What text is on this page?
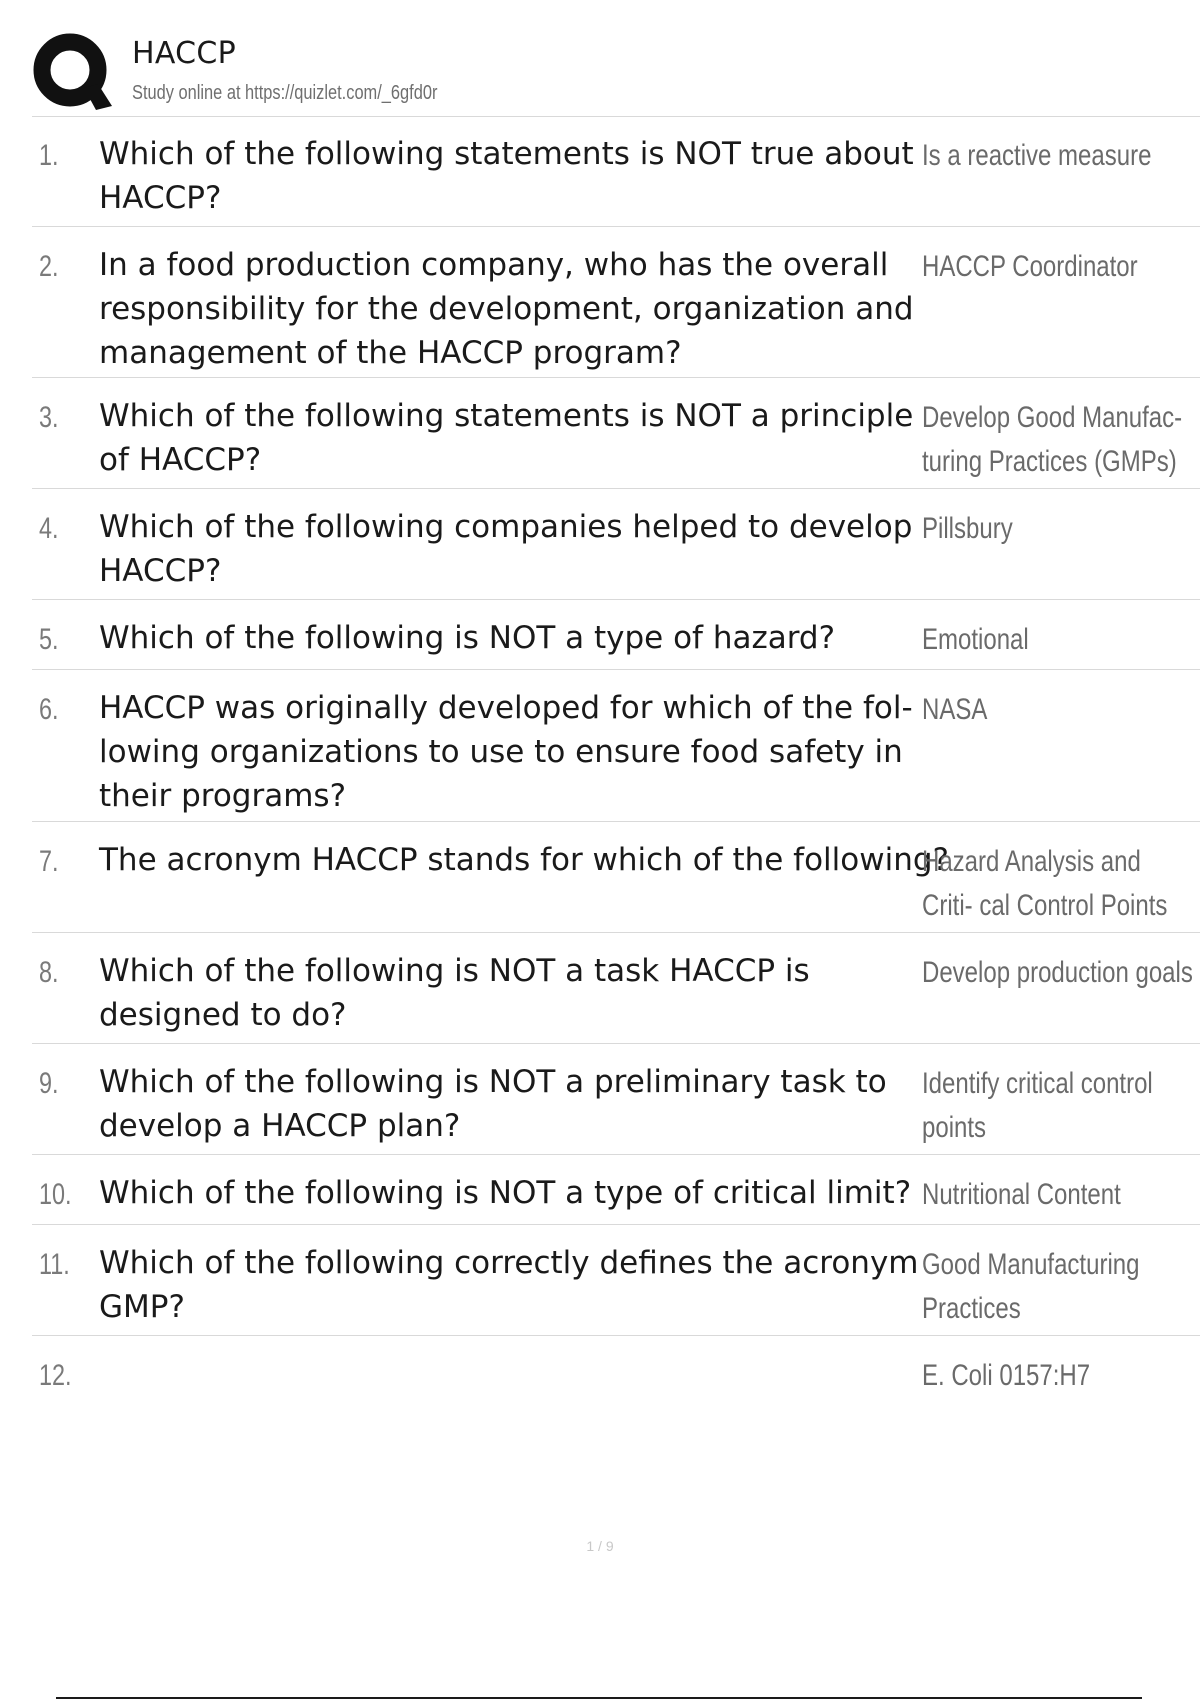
HACCP
Study online at https://quizlet.com/_6gfd0r
1. Which of the following statements is NOT true about HACCP?
Is a reactive measure
2. In a food production company, who has the overall responsibility for the development, organization and management of the HACCP program?
HACCP Coordinator
3. Which of the following statements is NOT a principle of HACCP?
Develop Good Manufac- turing Practices (GMPs)
4. Which of the following companies helped to develop HACCP?
Pillsbury
5. Which of the following is NOT a type of hazard?	Emotional
6. HACCP was originally developed for which of the fol- lowing organizations to use to ensure food safety in their programs?
NASA
7. The acronym HACCP stands for which of the following?
Hazard Analysis and Criti- cal Control Points
8. Which of the following is NOT a task HACCP is designed to do?
Develop production goals
9. Which of the following is NOT a preliminary task to develop a HACCP plan?
Identify critical control points
10. Which of the following is NOT a type of critical limit? Nutritional Content
11. Which of the following correctly defines the acronym GMP?
Good Manufacturing Practices
12.	E. Coli 0157:H7
1 / 9
